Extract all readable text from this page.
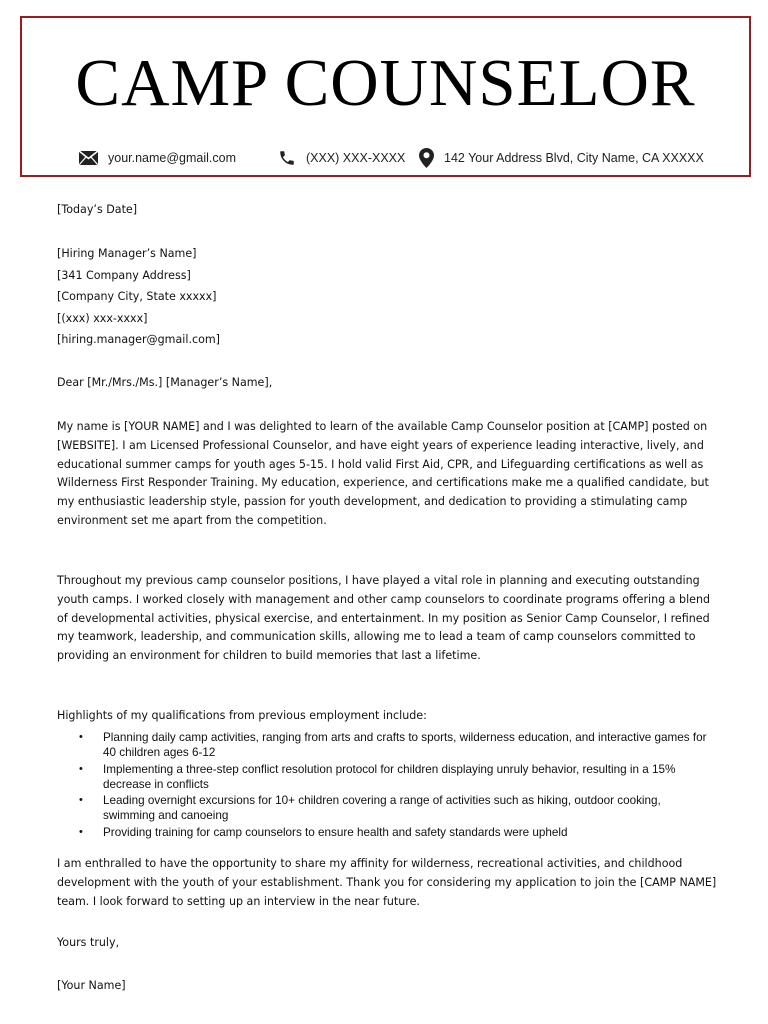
CAMP COUNSELOR
your.name@gmail.com	(XXX) XXX-XXXX	142 Your Address Blvd, City Name, CA XXXXX
[Today’s Date]
[Hiring Manager’s Name]
[341 Company Address]
[Company City, State xxxxx]
[(xxx) xxx-xxxx]
[hiring.manager@gmail.com]
Dear [Mr./Mrs./Ms.] [Manager’s Name],

My name is [YOUR NAME] and I was delighted to learn of the available Camp Counselor position at [CAMP] posted on [WEBSITE]. I am Licensed Professional Counselor, and have eight years of experience leading interactive, lively, and educational summer camps for youth ages 5-15. I hold valid First Aid, CPR, and Lifeguarding certifications as well as Wilderness First Responder Training. My education, experience, and certifications make me a qualified candidate, but my enthusiastic leadership style, passion for youth development, and dedication to providing a stimulating camp environment set me apart from the competition.

Throughout my previous camp counselor positions, I have played a vital role in planning and executing outstanding youth camps. I worked closely with management and other camp counselors to coordinate programs offering a blend of developmental activities, physical exercise, and entertainment. In my position as Senior Camp Counselor, I refined my teamwork, leadership, and communication skills, allowing me to lead a team of camp counselors committed to providing an environment for children to build memories that last a lifetime.

Highlights of my qualifications from previous employment include:
• Planning daily camp activities, ranging from arts and crafts to sports, wilderness education, and interactive games for 40 children ages 6-12
• Implementing a three-step conflict resolution protocol for children displaying unruly behavior, resulting in a 15% decrease in conflicts
• Leading overnight excursions for 10+ children covering a range of activities such as hiking, outdoor cooking, swimming and canoeing
• Providing training for camp counselors to ensure health and safety standards were upheld

I am enthralled to have the opportunity to share my affinity for wilderness, recreational activities, and childhood development with the youth of your establishment. Thank you for considering my application to join the [CAMP NAME] team. I look forward to setting up an interview in the near future.

Yours truly,
[Your Name]
